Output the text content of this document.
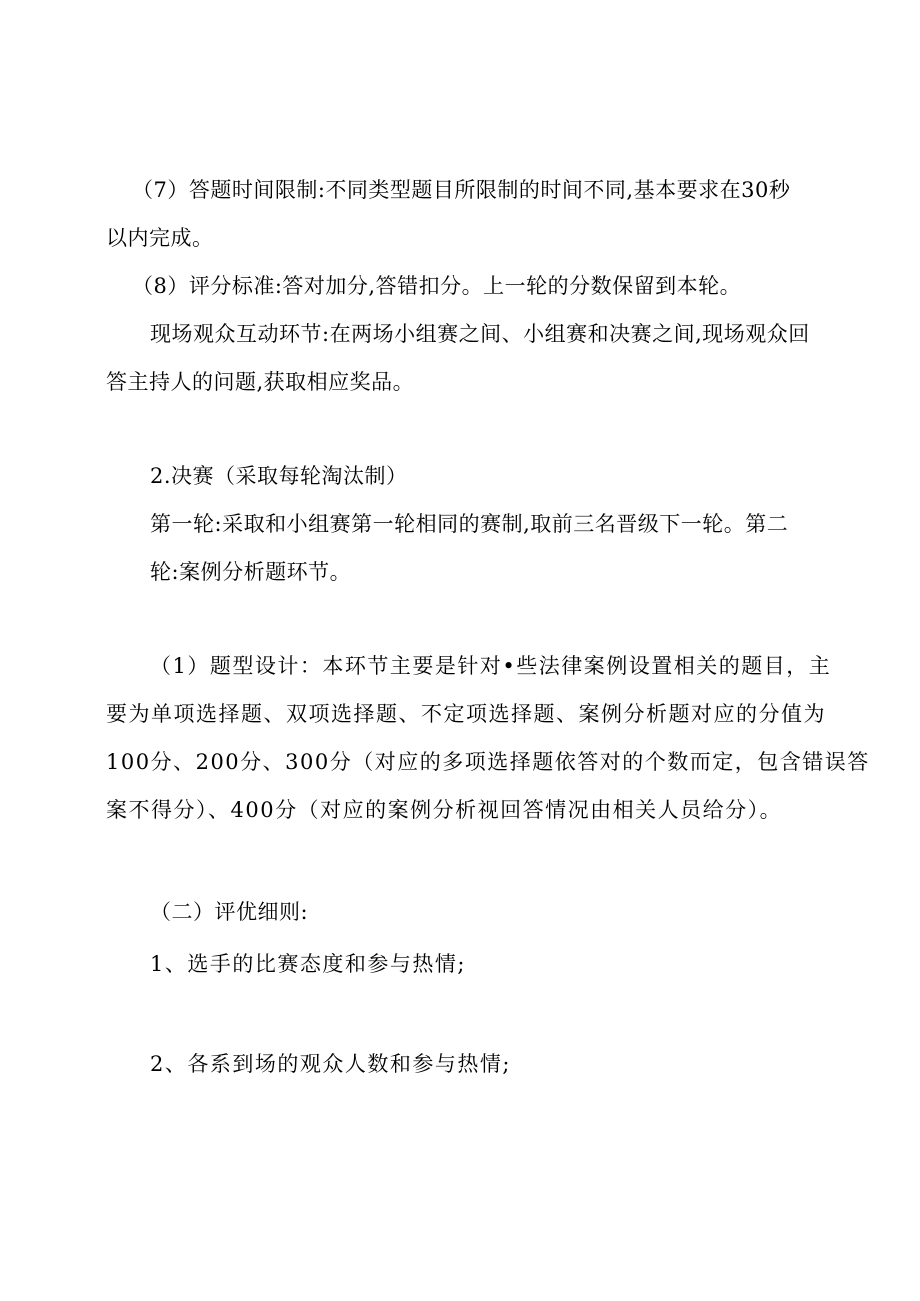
（7）答题时间限制:不同类型题目所限制的时间不同,基本要求在30秒
以内完成。
（8）评分标准:答对加分,答错扣分。上一轮的分数保留到本轮。
现场观众互动环节:在两场小组赛之间、小组赛和决赛之间,现场观众回
答主持人的问题,获取相应奖品。
2.决赛（采取每轮淘汰制）
第一轮:采取和小组赛第一轮相同的赛制,取前三名晋级下一轮。第二
轮:案例分析题环节。
（1）题型设计：本环节主要是针对•些法律案例设置相关的题目，主
要为单项选择题、双项选择题、不定项选择题、案例分析题对应的分值为
100分、200分、300分（对应的多项选择题依答对的个数而定，包含错误答
案不得分）、400分（对应的案例分析视回答情况由相关人员给分）。
（二）评优细则:
1、选手的比赛态度和参与热情;
2、各系到场的观众人数和参与热情;
